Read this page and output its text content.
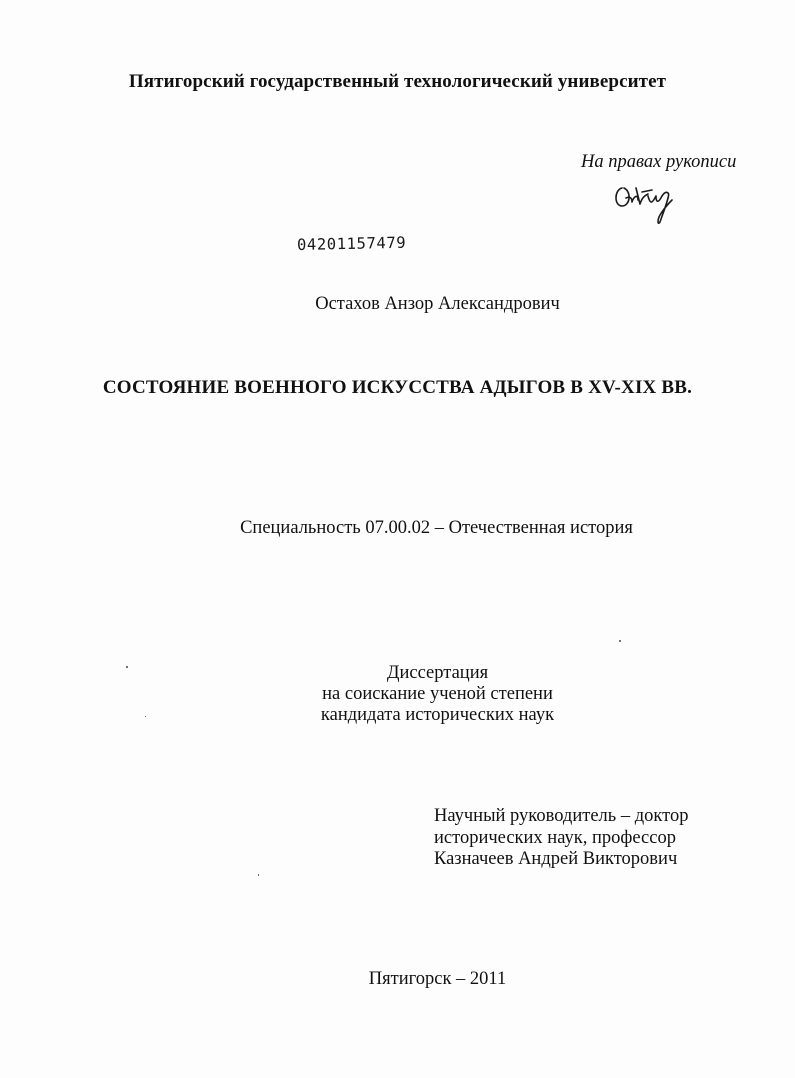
Пятигорский государственный технологический университет
На правах рукописи
04201157479
Остахов Анзор Александрович
СОСТОЯНИЕ ВОЕННОГО ИСКУССТВА АДЫГОВ В XV-XIX ВВ.
Специальность 07.00.02 – Отечественная история
Диссертация
на соискание ученой степени
кандидата исторических наук
Научный руководитель – доктор
исторических наук, профессор
Казначеев Андрей Викторович
Пятигорск – 2011
